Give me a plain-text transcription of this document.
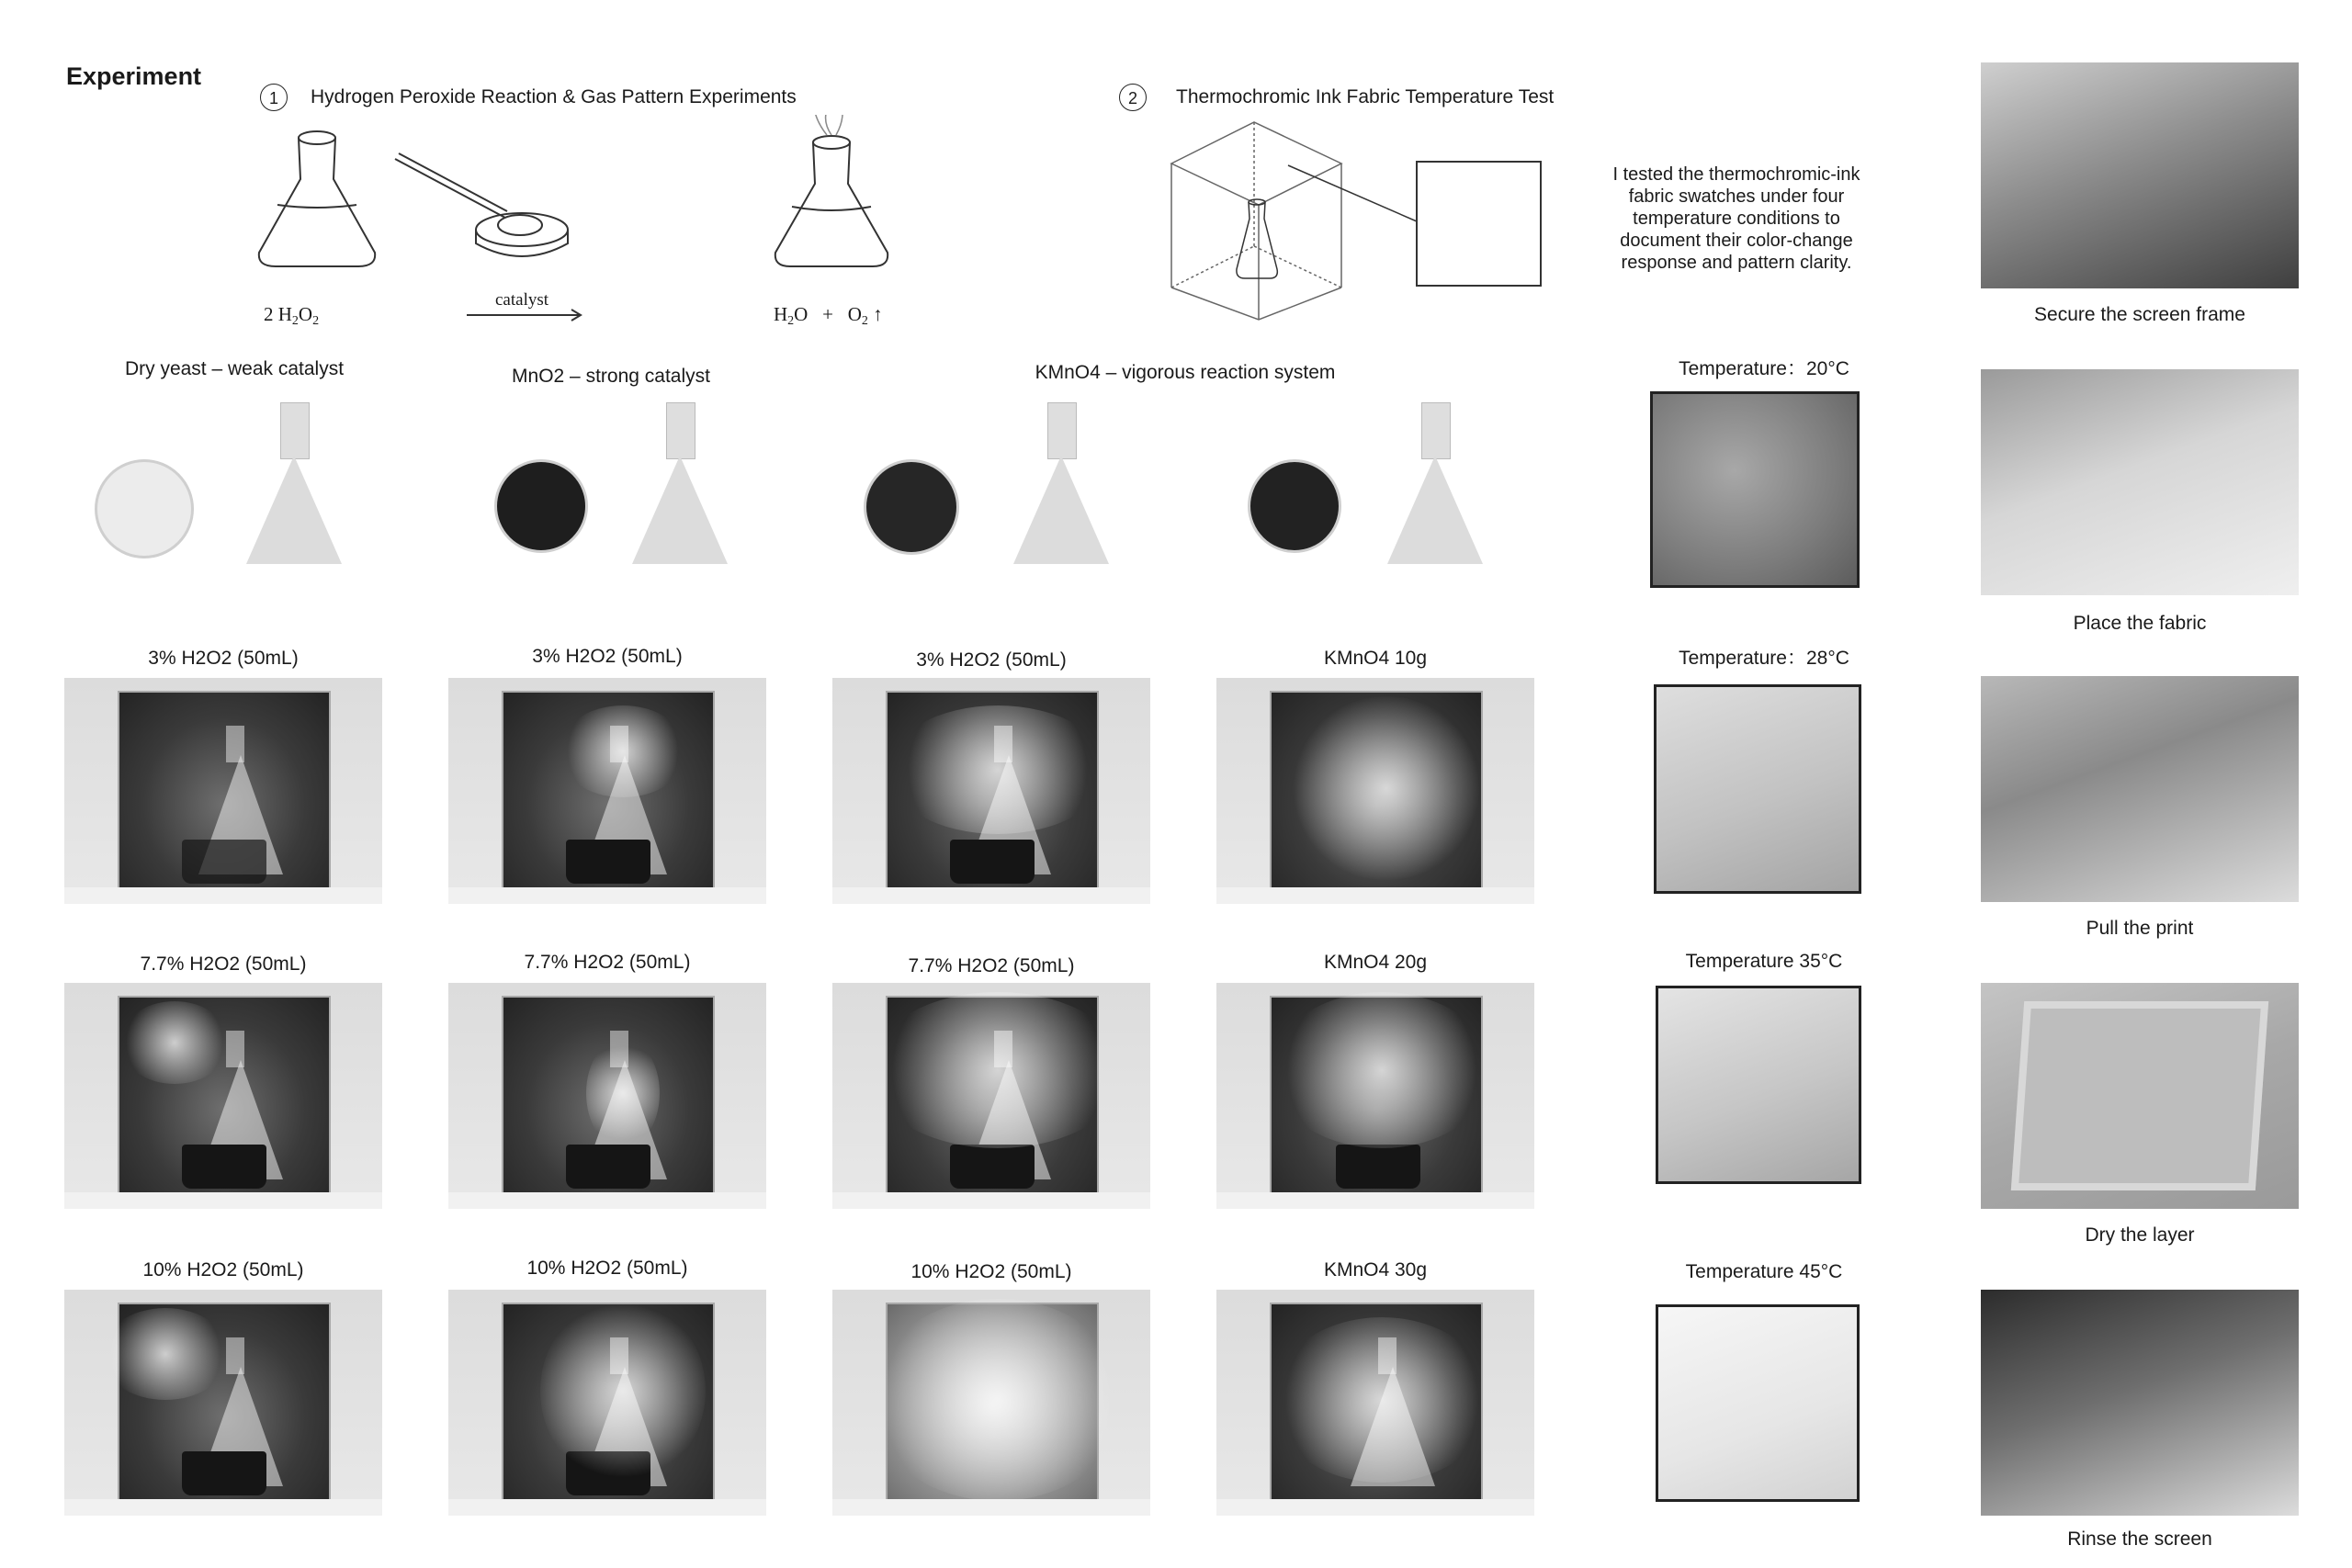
Experiment
1	Hydrogen Peroxide Reaction & Gas Pattern Experiments
2 $H_2O_2$
catalyst
$H_2O + O_2$ ↑
2	Thermochromic Ink Fabric Temperature Test
I tested the thermochromic-ink
fabric swatches under four
temperature conditions to
document their color-change
response and pattern clarity.
Dry yeast – weak catalyst	MnO2 – strong catalyst	KMnO4 – vigorous reaction system
3% H2O2 (50mL)	3% H2O2 (50mL)	3% H2O2 (50mL)	KMnO4 10g
7.7% H2O2 (50mL)	7.7% H2O2 (50mL)	7.7% H2O2 (50mL)	KMnO4 20g
10% H2O2 (50mL)	10% H2O2 (50mL)	10% H2O2 (50mL)	KMnO4 30g
Temperature：20°C
Temperature：28°C
Temperature 35°C
Temperature 45°C
Secure the screen frame
Place the fabric
Pull the print
Dry the layer
Rinse the screen
